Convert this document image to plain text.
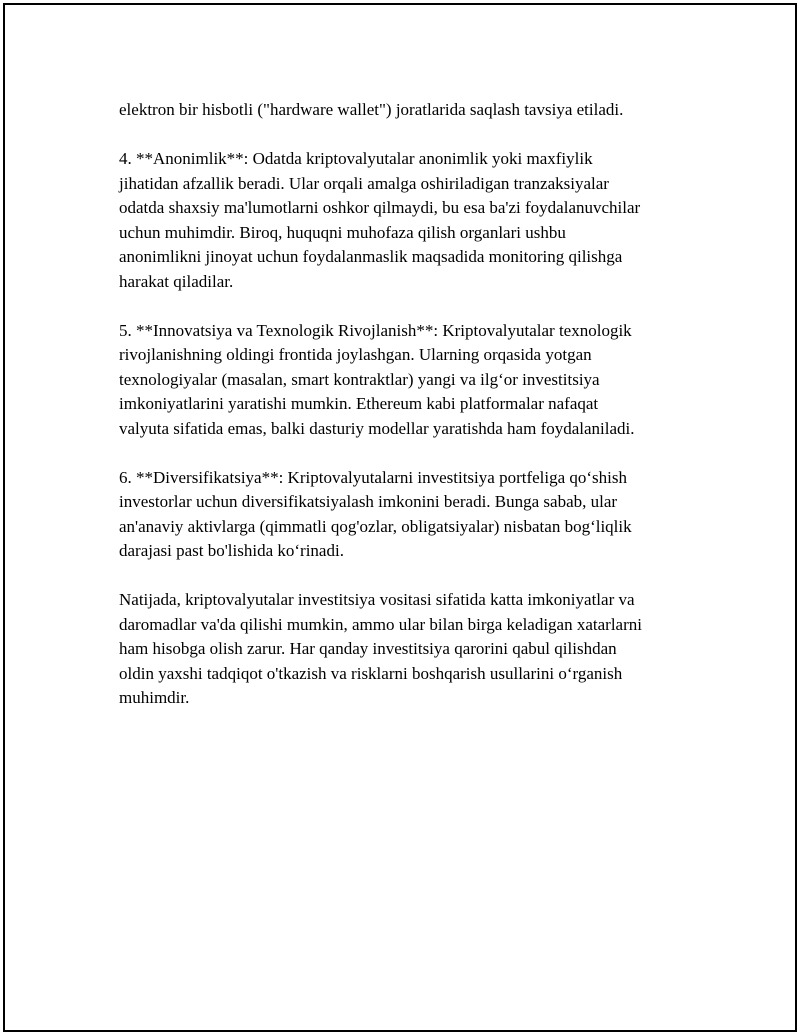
elektron bir hisbotli ("hardware wallet") joratlarida saqlash tavsiya etiladi.

4. **Anonimlik**: Odatda kriptovalyutalar anonimlik yoki maxfiylik
jihatidan afzallik beradi. Ular orqali amalga oshiriladigan tranzaksiyalar
odatda shaxsiy ma'lumotlarni oshkor qilmaydi, bu esa ba'zi foydalanuvchilar
uchun muhimdir. Biroq, huquqni muhofaza qilish organlari ushbu
anonimlikni jinoyat uchun foydalanmaslik maqsadida monitoring qilishga
harakat qiladilar.

5. **Innovatsiya va Texnologik Rivojlanish**: Kriptovalyutalar texnologik
rivojlanishning oldingi frontida joylashgan. Ularning orqasida yotgan
texnologiyalar (masalan, smart kontraktlar) yangi va ilg‘or investitsiya
imkoniyatlarini yaratishi mumkin. Ethereum kabi platformalar nafaqat
valyuta sifatida emas, balki dasturiy modellar yaratishda ham foydalaniladi.

6. **Diversifikatsiya**: Kriptovalyutalarni investitsiya portfeliga qo‘shish
investorlar uchun diversifikatsiyalash imkonini beradi. Bunga sabab, ular
an'anaviy aktivlarga (qimmatli qog'ozlar, obligatsiyalar) nisbatan bog‘liqlik
darajasi past bo'lishida ko‘rinadi.

Natijada, kriptovalyutalar investitsiya vositasi sifatida katta imkoniyatlar va
daromadlar va'da qilishi mumkin, ammo ular bilan birga keladigan xatarlarni
ham hisobga olish zarur. Har qanday investitsiya qarorini qabul qilishdan
oldin yaxshi tadqiqot o'tkazish va risklarni boshqarish usullarini o‘rganish
muhimdir.
